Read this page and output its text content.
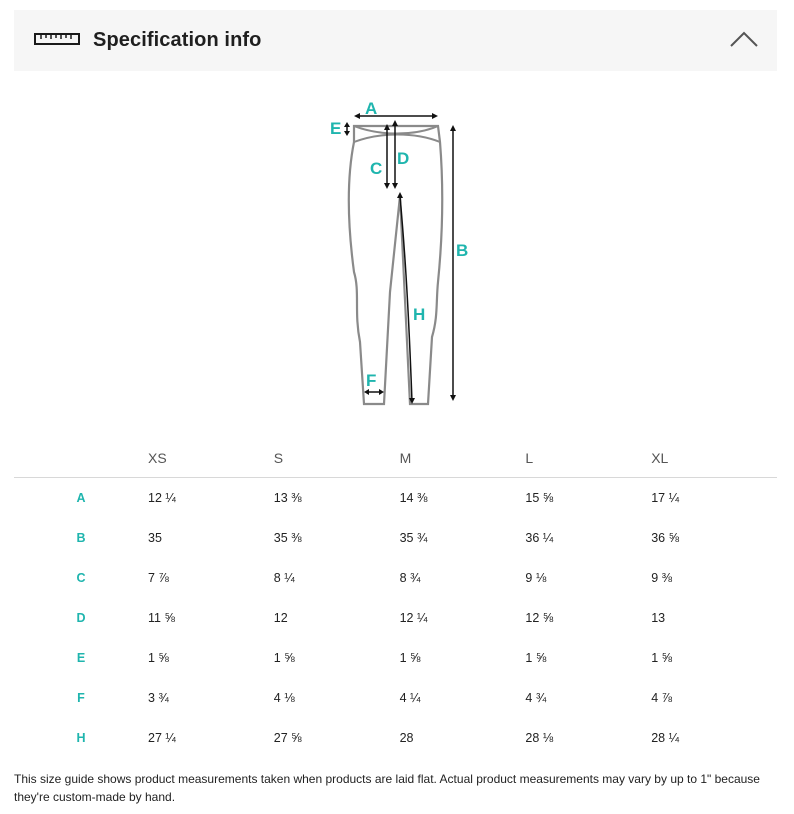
Specification info
A
E
C
D
B
H
F
	XS	S	M	L	XL
A	12 ¼	13 ⅜	14 ⅜	15 ⅝	17 ¼
B	35	35 ⅜	35 ¾	36 ¼	36 ⅝
C	7 ⅞	8 ¼	8 ¾	9 ⅛	9 ⅜
D	11 ⅝	12	12 ¼	12 ⅝	13
E	1 ⅝	1 ⅝	1 ⅝	1 ⅝	1 ⅝
F	3 ¾	4 ⅛	4 ¼	4 ¾	4 ⅞
H	27 ¼	27 ⅝	28	28 ⅛	28 ¼
This size guide shows product measurements taken when products are laid flat. Actual product measurements may vary by up to 1" because they're custom-made by hand.
